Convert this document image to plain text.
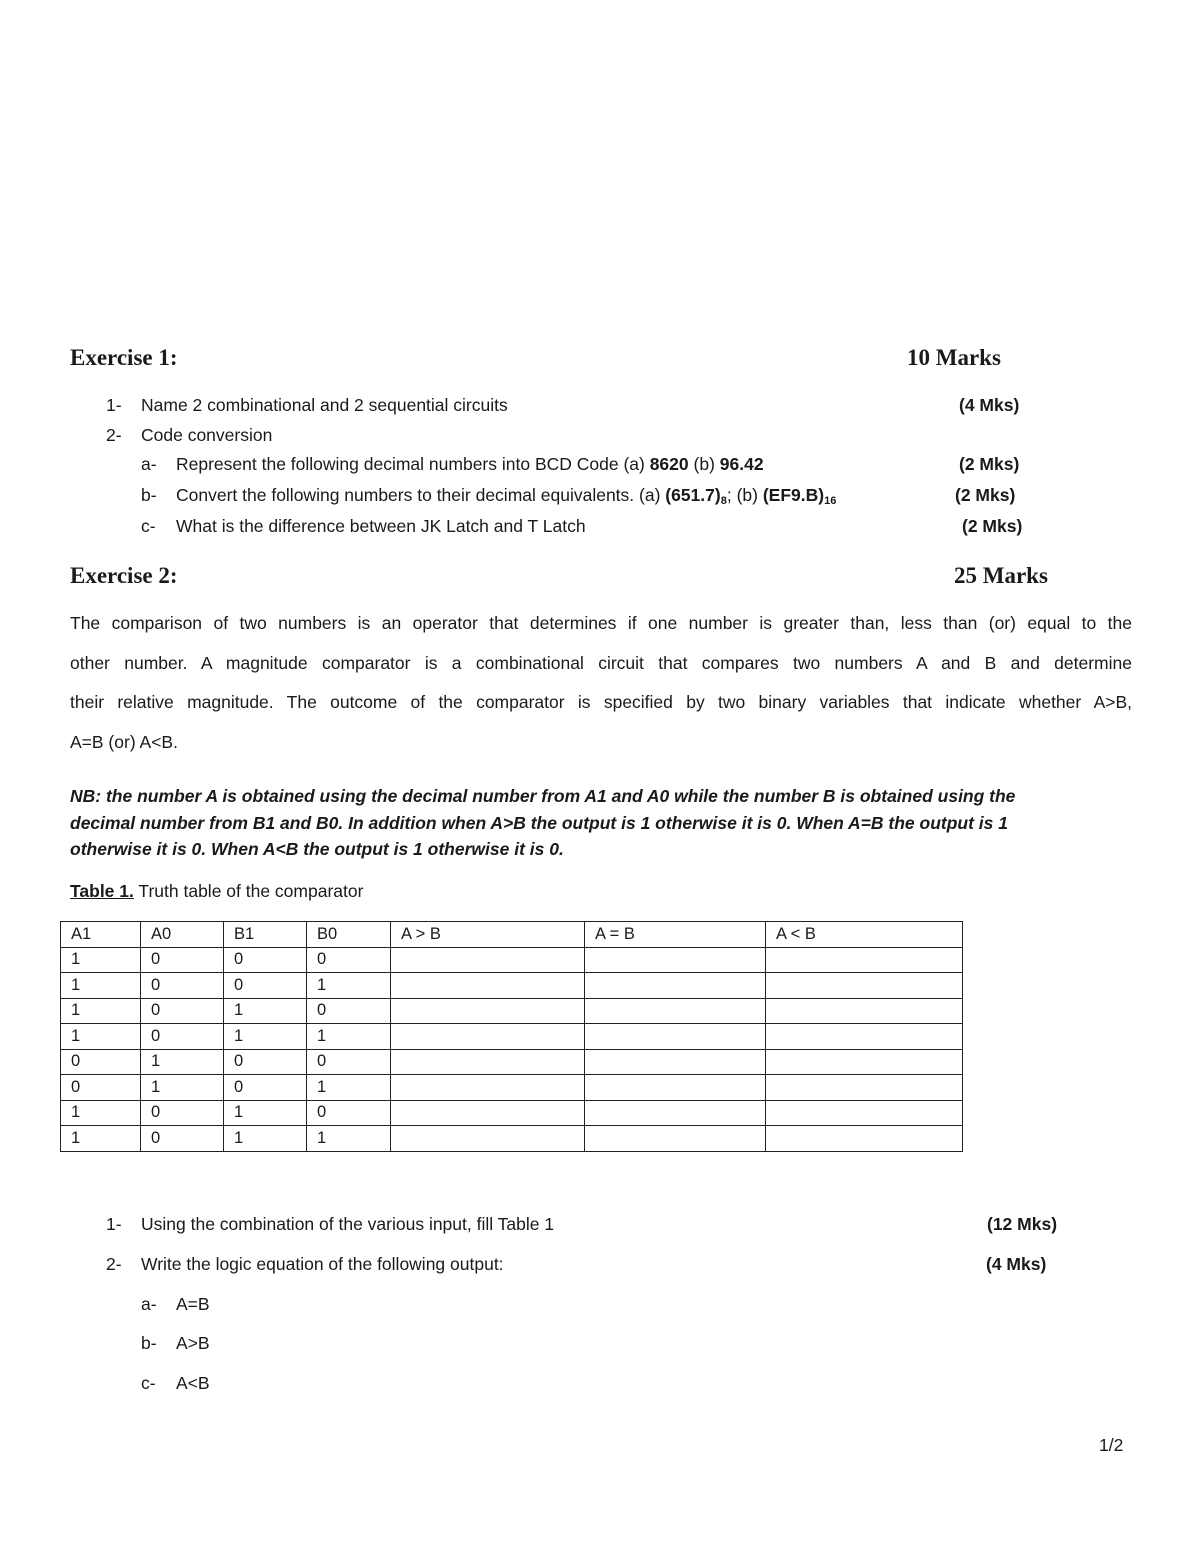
Exercise 1:	10 Marks
1- Name 2 combinational and 2 sequential circuits	(4 Mks)
2- Code conversion
a- Represent the following decimal numbers into BCD Code (a) 8620 (b) 96.42	(2 Mks)
b- Convert the following numbers to their decimal equivalents. (a) $(651.7)_8$; (b) $(EF9.B)_{16}$	(2 Mks)
c- What is the difference between JK Latch and T Latch	(2 Mks)
Exercise 2:	25 Marks
The comparison of two numbers is an operator that determines if one number is greater than, less than (or) equal to the
other number. A magnitude comparator is a combinational circuit that compares two numbers A and B and determine
their relative magnitude. The outcome of the comparator is specified by two binary variables that indicate whether A>B,
A=B (or) A<B.
NB: the number A is obtained using the decimal number from A1 and A0 while the number B is obtained using the
decimal number from B1 and B0. In addition when A>B the output is 1 otherwise it is 0. When A=B the output is 1
otherwise it is 0. When A<B the output is 1 otherwise it is 0.
Table 1. Truth table of the comparator
A1	A0	B1	B0	A > B	A = B	A < B
1	0	0	0			
1	0	0	1			
1	0	1	0			
1	0	1	1			
0	1	0	0			
0	1	0	1			
1	0	1	0			
1	0	1	1			
1- Using the combination of the various input, fill Table 1	(12 Mks)
2- Write the logic equation of the following output:	(4 Mks)
a- A=B
b- A>B
c- A<B
1/2
